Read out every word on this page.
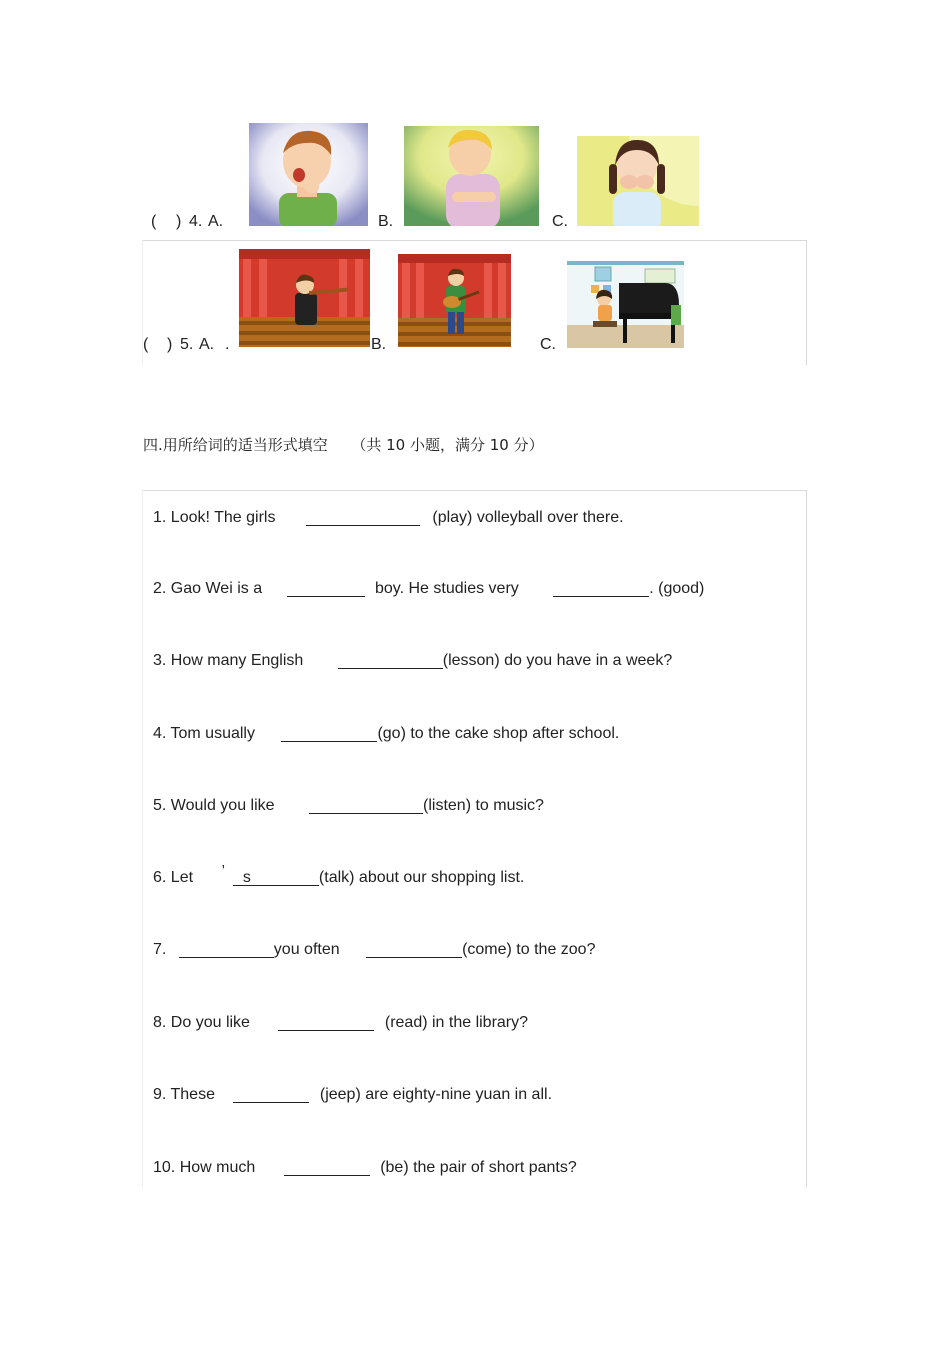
( ) 4. A.	B.	C.
( ) 5. A. .	B.	C.
四.用所给词的适当形式填空 （共 10 小题，满分 10 分）
1. Look! The girls	(play) volleyball over there.
2. Gao Wei is a	boy. He studies very	. (good)
3. How many English	(lesson) do you have in a week?
4. Tom usually	(go) to the cake shop after school.
5. Would you like	(listen) to music?
6. Let ’ s	(talk) about our shopping list.
7.	you often	(come) to the zoo?
8. Do you like	(read) in the library?
9. These	(jeep) are eighty-nine yuan in all.
10. How much	(be) the pair of short pants?
